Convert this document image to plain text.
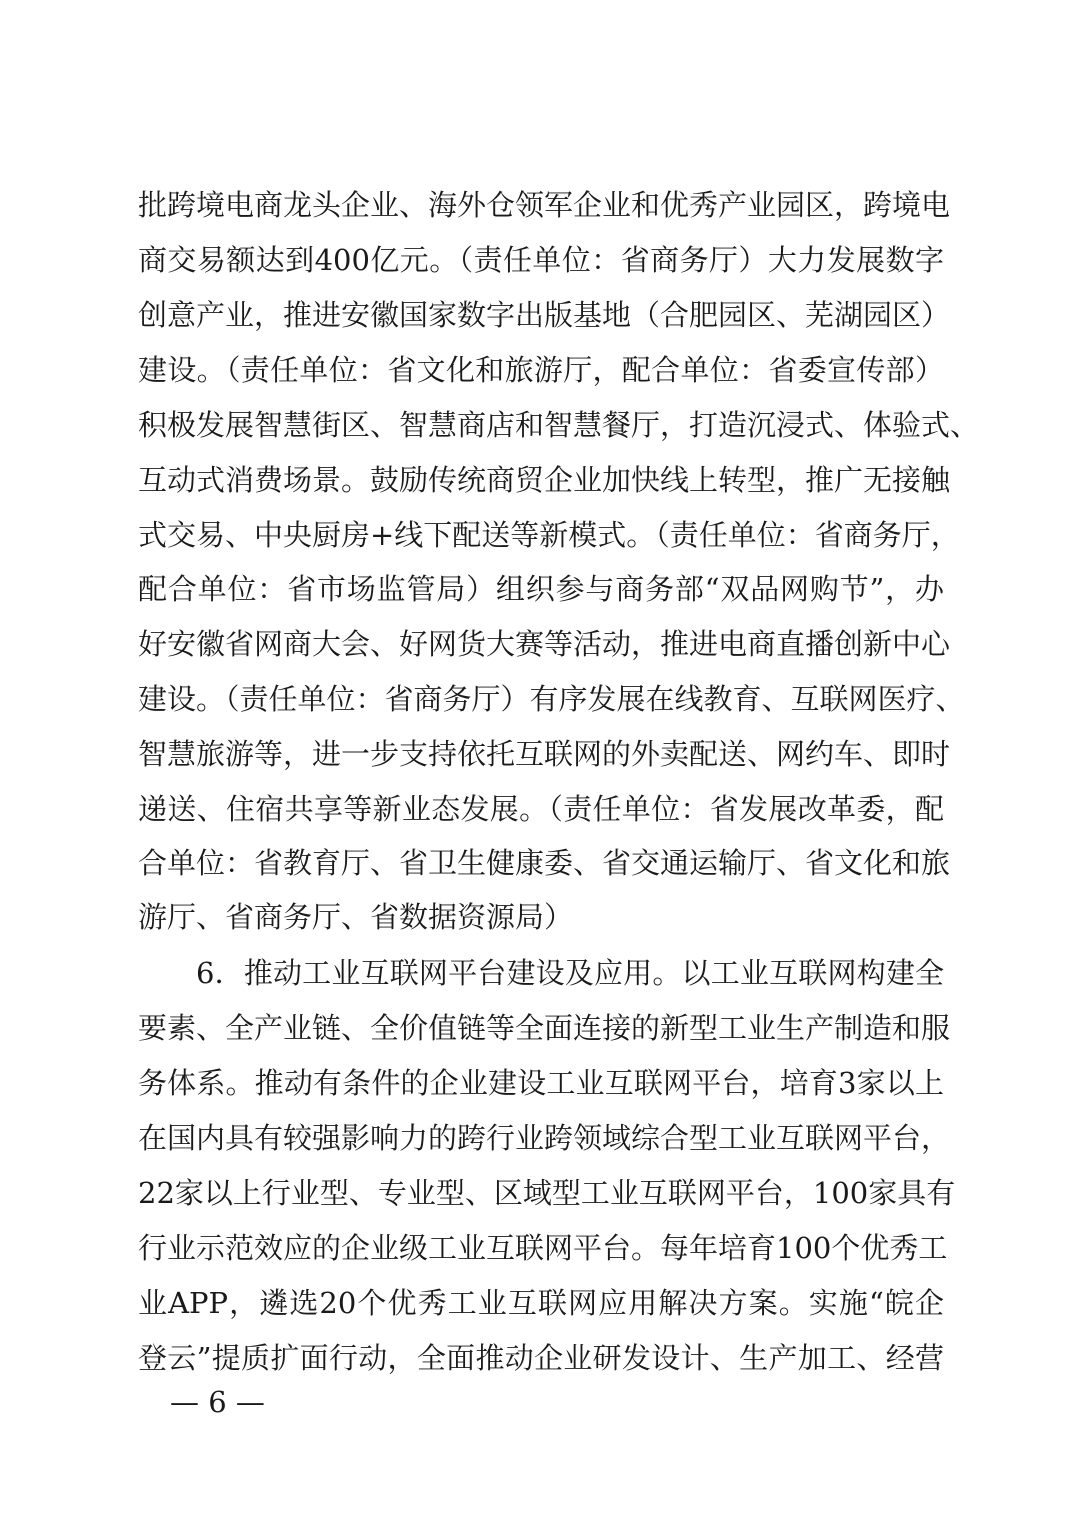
批跨境电商龙头企业、海外仓领军企业和优秀产业园区，跨境电
商交易额达到400亿元。（责任单位：省商务厅）大力发展数字
创意产业，推进安徽国家数字出版基地（合肥园区、芜湖园区）
建设。（责任单位：省文化和旅游厅，配合单位：省委宣传部）
积极发展智慧街区、智慧商店和智慧餐厅，打造沉浸式、体验式、
互动式消费场景。鼓励传统商贸企业加快线上转型，推广无接触
式交易、中央厨房+线下配送等新模式。（责任单位：省商务厅，
配合单位：省市场监管局）组织参与商务部“双品网购节”，办
好安徽省网商大会、好网货大赛等活动，推进电商直播创新中心
建设。（责任单位：省商务厅）有序发展在线教育、互联网医疗、
智慧旅游等，进一步支持依托互联网的外卖配送、网约车、即时
递送、住宿共享等新业态发展。（责任单位：省发展改革委，配
合单位：省教育厅、省卫生健康委、省交通运输厅、省文化和旅
游厅、省商务厅、省数据资源局）
6．推动工业互联网平台建设及应用。以工业互联网构建全
要素、全产业链、全价值链等全面连接的新型工业生产制造和服
务体系。推动有条件的企业建设工业互联网平台，培育3家以上
在国内具有较强影响力的跨行业跨领域综合型工业互联网平台，
22家以上行业型、专业型、区域型工业互联网平台，100家具有
行业示范效应的企业级工业互联网平台。每年培育100个优秀工
业APP，遴选20个优秀工业互联网应用解决方案。实施“皖企
登云”提质扩面行动，全面推动企业研发设计、生产加工、经营
— 6 —
